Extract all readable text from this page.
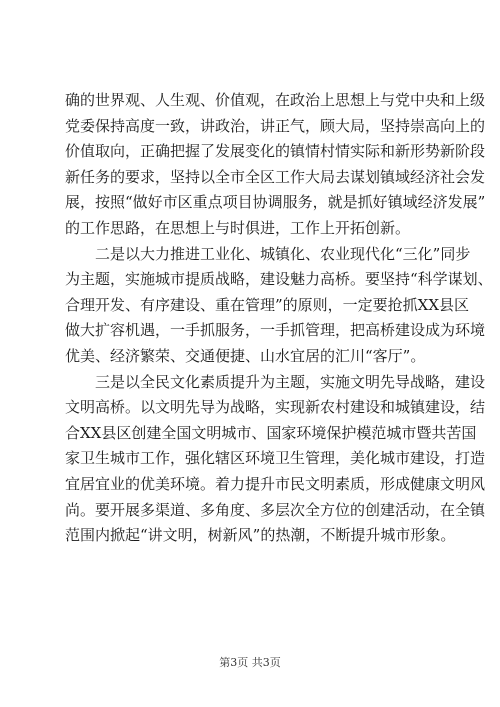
确的世界观、人生观、价值观，在政治上思想上与党中央和上级
党委保持高度一致，讲政治，讲正气，顾大局，坚持崇高向上的
价值取向，正确把握了发展变化的镇情村情实际和新形势新阶段
新任务的要求，坚持以全市全区工作大局去谋划镇域经济社会发
展，按照“做好市区重点项目协调服务，就是抓好镇域经济发展”
的工作思路，在思想上与时俱进，工作上开拓创新。
二是以大力推进工业化、城镇化、农业现代化“三化”同步
为主题，实施城市提质战略，建设魅力高桥。要坚持“科学谋划、
合理开发、有序建设、重在管理”的原则，一定要抢抓XX县区
做大扩容机遇，一手抓服务，一手抓管理，把高桥建设成为环境
优美、经济繁荣、交通便捷、山水宜居的汇川“客厅”。
三是以全民文化素质提升为主题，实施文明先导战略，建设
文明高桥。以文明先导为战略，实现新农村建设和城镇建设，结
合XX县区创建全国文明城市、国家环境保护模范城市暨共苦国
家卫生城市工作，强化辖区环境卫生管理，美化城市建设，打造
宜居宜业的优美环境。着力提升市民文明素质，形成健康文明风
尚。要开展多渠道、多角度、多层次全方位的创建活动，在全镇
范围内掀起“讲文明，树新风”的热潮，不断提升城市形象。
第3页 共3页
